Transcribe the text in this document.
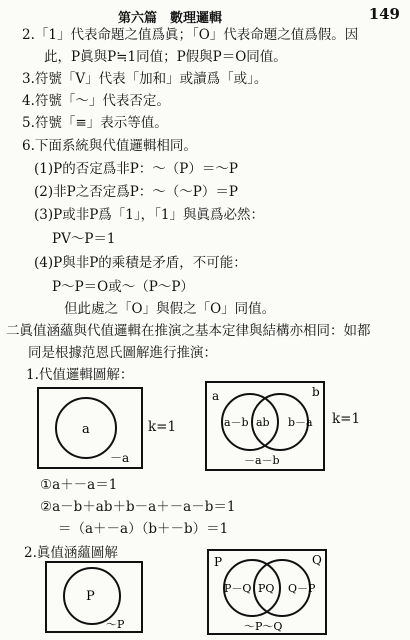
第六篇　數理邏輯	149
2.「1」代表命題之值爲眞；「O」代表命題之值爲假。因
此，P眞與P≒1同值；P假與P＝O同值。
3.符號「V」代表「加和」或讀爲「或」。
4.符號「～」代表否定。
5.符號「≡」表示等值。
6.下面系統與代值邏輯相同。
(1)P的否定爲非P：～（P）＝～P
(2)非P之否定爲P：～（～P）＝P
(3)P或非P爲「1」，「1」與眞爲必然：
PV～P＝1
(4)P與非P的乘積是矛盾，不可能：
P～P＝O或～（P～P）
但此處之「O」與假之「O」同值。
二眞值涵蘊與代值邏輯在推演之基本定律與結構亦相同：如都
同是根據范恩氏圖解進行推演：
1.代值邏輯圖解：
a
－a
k=1
a	b
a－b ab b－a
－a－b
k=1
①a＋－a＝1
②a－b＋ab＋b－a＋－a－b＝1
＝（a＋－a）（b＋－b）＝1
2.眞值涵蘊圖解
P
～P
P	Q
P－Q PQ Q－P
～P～Q
